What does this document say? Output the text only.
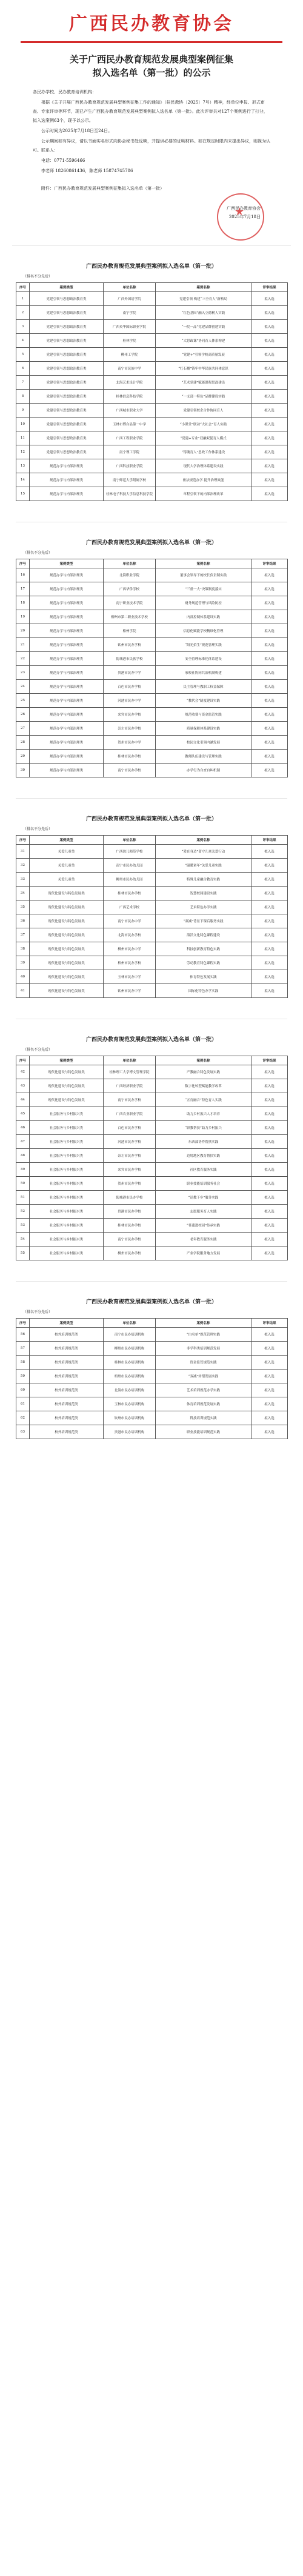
广西民办教育协会
关于广西民办教育规范发展典型案例征集
拟入选名单（第一批）的公示

各民办学校、民办教育培训机构：

根据《关于开展广西民办教育规范发展典型案例征集工作的通知》（桂民教协〔2025〕7号）精神，经单位申报、形式审查、专家评审等环节，现已产生广西民办教育规范发展典型案例拟入选名单（第一批）。此次评审共对127个案例进行了打分，拟入选案例63个，现予以公示。

公示时间为2025年7月18日至24日。

公示期间如有异议，请以书面实名形式向协会秘书处反映，并提供必要的证明材料。如在规定时限内未提出异议，则视为认可。联系人：

电话：0771-5596466

李老师 18260861436，陈老师 15874745786

附件：广西民办教育规范发展典型案例征集拟入选名单（第一批）

★
广西民办教育协会
2025年7月18日
广西民办教育规范发展典型案例拟入选名单（第一批）
（排名不分先后）
序号	案例类型	单位名称	案例名称	评审结果
1	党建引领与思想政治教育类	广西外国语学院	党建引领 构建“三全育人”新格局	拟入选
2	党建引领与思想政治教育类	南宁学院	“红色基因”融入立德树人实践	拟入选
3	党建引领与思想政治教育类	广西英华国际职业学院	“一院一品”党建品牌创建实践	拟入选
4	党建引领与思想政治教育类	桂林学院	“大思政课”协同育人体系构建	拟入选
5	党建引领与思想政治教育类	柳州工学院	“党建+”引领学校高质量发展	拟入选
6	党建引领与思想政治教育类	南宁市民族中学	“红石榴”铸牢中华民族共同体意识	拟入选
7	党建引领与思想政治教育类	北海艺术设计学院	“艺术党建”赋能课程思政建设	拟入选
8	党建引领与思想政治教育类	桂林信息科技学院	“一支部一特色”品牌建设实践	拟入选
9	党建引领与思想政治教育类	广西城市职业大学	党建引领校企合作协同育人	拟入选
10	党建引领与思想政治教育类	玉林市博白县第一中学	“小课堂”联动“大社会”育人实践	拟入选
11	党建引领与思想政治教育类	广西工程职业学院	“党建+专业”双融双促育人模式	拟入选
12	党建引领与思想政治教育类	南宁理工学院	“铸魂育人”思政工作体系建设	拟入选
13	规范办学与内部治理类	广西科技职业学院	现代大学治理体系建设实践	拟入选
14	规范办学与内部治理类	南宁师范大学附属学校	依法规范办学 提升治理效能	拟入选
15	规范办学与内部治理类	桂林电子科技大学信息科技学院	章程引领下的内部治理改革	拟入选
广西民办教育规范发展典型案例拟入选名单（第一批）
（排名不分先后）
序号	案例类型	单位名称	案例名称	评审结果
16	规范办学与内部治理类	北海职业学院	董事会领导下的校长负责制实践	拟入选
17	规范办学与内部治理类	广西华侨学校	“三重一大”决策制度落实	拟入选
18	规范办学与内部治理类	南宁职业技术学院	财务规范管理与风险防控	拟入选
19	规范办学与内部治理类	柳州市第二职业技术学校	内部控制体系建设实践	拟入选
20	规范办学与内部治理类	梧州学院	信息化赋能学校精细化管理	拟入选
21	规范办学与内部治理类	钦州市民办学校	“阳光招生”规范管理实践	拟入选
22	规范办学与内部治理类	防城港市民族学校	安全管理标准化体系建设	拟入选
23	规范办学与内部治理类	贵港市民办中学	家校社协同共治机制构建	拟入选
24	规范办学与内部治理类	百色市民办学校	民主管理与教职工权益保障	拟入选
25	规范办学与内部治理类	河池市民办中学	“教代会”制度建设实践	拟入选
26	规范办学与内部治理类	来宾市民办学校	规范收费与资金监管实践	拟入选
27	规范办学与内部治理类	崇左市民办学校	质量保障体系建设实践	拟入选
28	规范办学与内部治理类	贺州市民办中学	校园文化引领内涵发展	拟入选
29	规范办学与内部治理类	桂林市民办学校	教师队伍建设与管理实践	拟入选
30	规范办学与内部治理类	南宁市民办学校	办学行为自查自纠机制	拟入选
广西民办教育规范发展典型案例拟入选名单（第一批）
（排名不分先后）
序号	案例类型	单位名称	案例名称	评审结果
31	关爱儿童类	广西幼儿师范学校	“爱在身边”留守儿童关爱行动	拟入选
32	关爱儿童类	南宁市民办幼儿园	“温暖童年”关爱儿童实践	拟入选
33	关爱儿童类	柳州市民办幼儿园	特殊儿童融合教育实践	拟入选
34	现代化建设与特色发展类	桂林市民办学校	智慧校园建设实践	拟入选
35	现代化建设与特色发展类	广西艺术学校	艺术特色办学实践	拟入选
36	现代化建设与特色发展类	南宁市民办中学	“双减”背景下课后服务实践	拟入选
37	现代化建设与特色发展类	北海市民办学校	海洋文化特色课程建设	拟入选
38	现代化建设与特色发展类	柳州市民办中学	科技创新教育特色实践	拟入选
39	现代化建设与特色发展类	梧州市民办学校	劳动教育特色课程实践	拟入选
40	现代化建设与特色发展类	玉林市民办中学	体育特色发展实践	拟入选
41	现代化建设与特色发展类	钦州市民办中学	国际化特色办学实践	拟入选
广西民办教育规范发展典型案例拟入选名单（第一批）
（排名不分先后）
序号	案例类型	单位名称	案例名称	评审结果
42	现代化建设与特色发展类	桂林理工大学博文管理学院	产教融合特色发展实践	拟入选
43	现代化建设与特色发展类	广西经济职业学院	数字化转型赋能教学改革	拟入选
44	现代化建设与特色发展类	南宁市民办学校	“五育融合”特色育人实践	拟入选
45	社会服务与乡村振兴类	广西农业职业学院	助力乡村振兴人才培养	拟入选
46	社会服务与乡村振兴类	百色市民办学校	“职教帮扶”助力乡村振兴	拟入选
47	社会服务与乡村振兴类	河池市民办学校	东西部协作帮扶实践	拟入选
48	社会服务与乡村振兴类	崇左市民办学校	边境地区教育帮扶实践	拟入选
49	社会服务与乡村振兴类	来宾市民办学校	社区教育服务实践	拟入选
50	社会服务与乡村振兴类	贺州市民办学校	职业技能培训服务社会	拟入选
51	社会服务与乡村振兴类	防城港市民办学校	“送教下乡”服务实践	拟入选
52	社会服务与乡村振兴类	贵港市民办学校	志愿服务育人实践	拟入选
53	社会服务与乡村振兴类	桂林市民办学校	“非遗进校园”传承实践	拟入选
54	社会服务与乡村振兴类	南宁市民办学校	老年教育服务实践	拟入选
55	社会服务与乡村振兴类	柳州市民办学校	产业学院服务地方发展	拟入选
广西民办教育规范发展典型案例拟入选名单（第一批）
（排名不分先后）
序号	案例类型	单位名称	案例名称	评审结果
56	校外培训规范类	南宁市民办培训机构	“白名单”规范管理实践	拟入选
57	校外培训规范类	柳州市民办培训机构	非学科类培训规范发展	拟入选
58	校外培训规范类	桂林市民办培训机构	资金监管规范实践	拟入选
59	校外培训规范类	梧州市民办培训机构	“双减”转型发展实践	拟入选
60	校外培训规范类	北海市民办培训机构	艺术培训规范办学实践	拟入选
61	校外培训规范类	玉林市民办培训机构	体育培训规范发展实践	拟入选
62	校外培训规范类	钦州市民办培训机构	科技培训规范实践	拟入选
63	校外培训规范类	贵港市民办培训机构	职业技能培训规范实践	拟入选
